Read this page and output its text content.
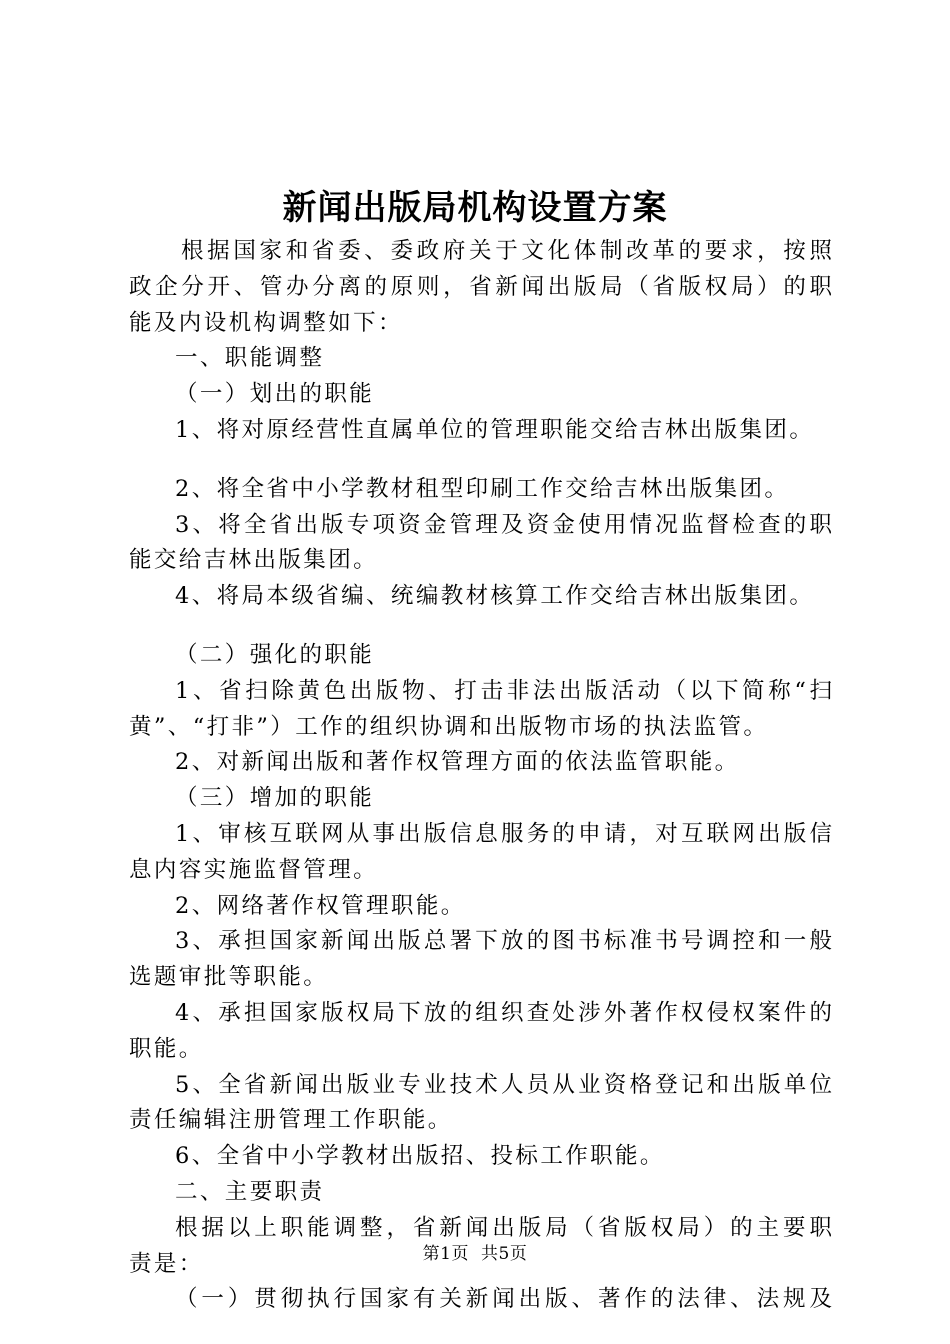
新闻出版局机构设置方案
根据国家和省委、委政府关于文化体制改革的要求，按照
政企分开、管办分离的原则，省新闻出版局（省版权局）的职
能及内设机构调整如下：
一、职能调整
（一）划出的职能
1、将对原经营性直属单位的管理职能交给吉林出版集团。
2、将全省中小学教材租型印刷工作交给吉林出版集团。
3、将全省出版专项资金管理及资金使用情况监督检查的职
能交给吉林出版集团。
4、将局本级省编、统编教材核算工作交给吉林出版集团。
（二）强化的职能
1、省扫除黄色出版物、打击非法出版活动（以下简称“扫
黄”、“打非”）工作的组织协调和出版物市场的执法监管。
2、对新闻出版和著作权管理方面的依法监管职能。
（三）增加的职能
1、审核互联网从事出版信息服务的申请，对互联网出版信
息内容实施监督管理。
2、网络著作权管理职能。
3、承担国家新闻出版总署下放的图书标准书号调控和一般
选题审批等职能。
4、承担国家版权局下放的组织查处涉外著作权侵权案件的
职能。
5、全省新闻出版业专业技术人员从业资格登记和出版单位
责任编辑注册管理工作职能。
6、全省中小学教材出版招、投标工作职能。
二、主要职责
根据以上职能调整，省新闻出版局（省版权局）的主要职
责是：
（一）贯彻执行国家有关新闻出版、著作的法律、法规及
第1页 共5页
